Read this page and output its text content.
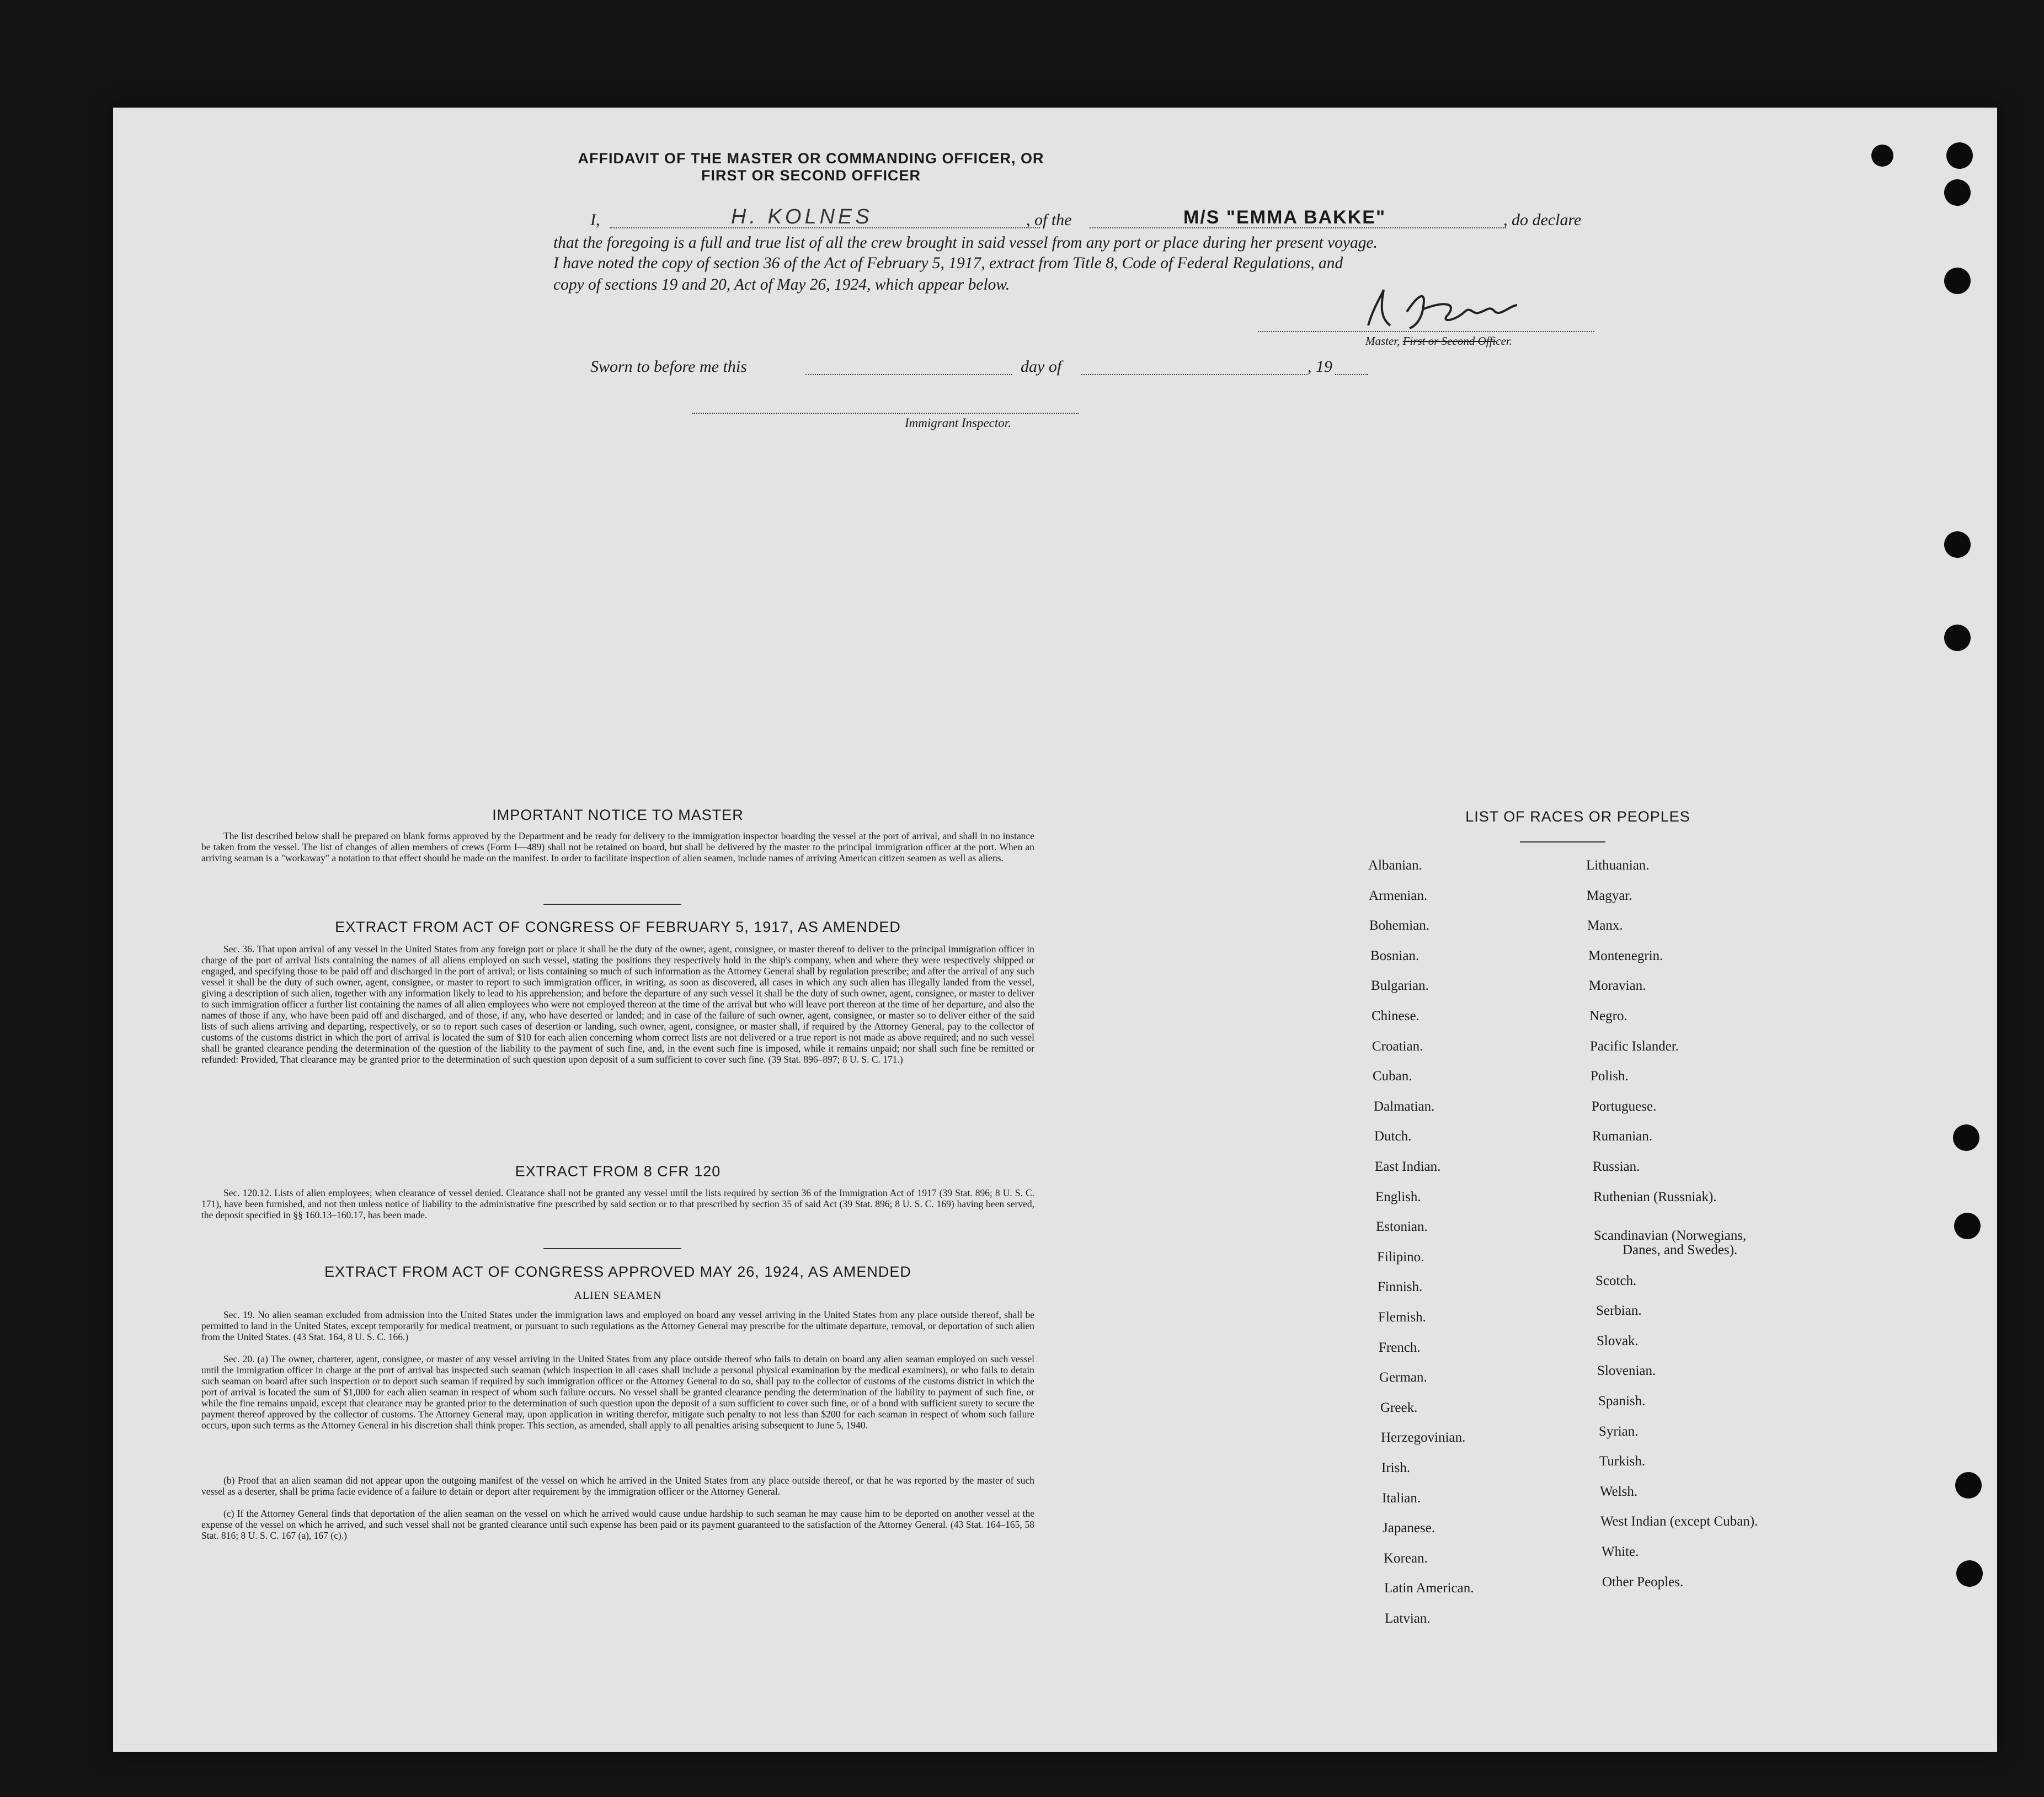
AFFIDAVIT OF THE MASTER OR COMMANDING OFFICER, OR FIRST OR SECOND OFFICER
I,	H. KOLNES	, of the	M/S "EMMA BAKKE"	, do declare
that the foregoing is a full and true list of all the crew brought in said vessel from any port or place during her present voyage.
I have noted the copy of section 36 of the Act of February 5, 1917, extract from Title 8, Code of Federal Regulations, and
copy of sections 19 and 20, Act of May 26, 1924, which appear below.
Master, First or Second Officer.
Sworn to before me this	day of	, 19
Immigrant Inspector.
IMPORTANT NOTICE TO MASTER
The list described below shall be prepared on blank forms approved by the Department and be ready for delivery to the immigration inspector boarding the vessel at the port of arrival, and shall in no instance be taken from the vessel. The list of changes of alien members of crews (Form I—489) shall not be retained on board, but shall be delivered by the master to the principal immigration officer at the port. When an arriving seaman is a "workaway" a notation to that effect should be made on the manifest. In order to facilitate inspection of alien seamen, include names of arriving American citizen seamen as well as aliens.
EXTRACT FROM ACT OF CONGRESS OF FEBRUARY 5, 1917, AS AMENDED
Sec. 36. That upon arrival of any vessel in the United States from any foreign port or place it shall be the duty of the owner, agent, consignee, or master thereof to deliver to the principal immigration officer in charge of the port of arrival lists containing the names of all aliens employed on such vessel, stating the positions they respectively hold in the ship's company, when and where they were respectively shipped or engaged, and specifying those to be paid off and discharged in the port of arrival; or lists containing so much of such information as the Attorney General shall by regulation prescribe; and after the arrival of any such vessel it shall be the duty of such owner, agent, consignee, or master to report to such immigration officer, in writing, as soon as discovered, all cases in which any such alien has illegally landed from the vessel, giving a description of such alien, together with any information likely to lead to his apprehension; and before the departure of any such vessel it shall be the duty of such owner, agent, consignee, or master to deliver to such immigration officer a further list containing the names of all alien employees who were not employed thereon at the time of the arrival but who will leave port thereon at the time of her departure, and also the names of those if any, who have been paid off and discharged, and of those, if any, who have deserted or landed; and in case of the failure of such owner, agent, consignee, or master so to deliver either of the said lists of such aliens arriving and departing, respectively, or so to report such cases of desertion or landing, such owner, agent, consignee, or master shall, if required by the Attorney General, pay to the collector of customs of the customs district in which the port of arrival is located the sum of $10 for each alien concerning whom correct lists are not delivered or a true report is not made as above required; and no such vessel shall be granted clearance pending the determination of the question of the liability to the payment of such fine, and, in the event such fine is imposed, while it remains unpaid; nor shall such fine be remitted or refunded: Provided, That clearance may be granted prior to the determination of such question upon deposit of a sum sufficient to cover such fine. (39 Stat. 896–897; 8 U. S. C. 171.)
EXTRACT FROM 8 CFR 120
Sec. 120.12. Lists of alien employees; when clearance of vessel denied. Clearance shall not be granted any vessel until the lists required by section 36 of the Immigration Act of 1917 (39 Stat. 896; 8 U. S. C. 171), have been furnished, and not then unless notice of liability to the administrative fine prescribed by said section or to that prescribed by section 35 of said Act (39 Stat. 896; 8 U. S. C. 169) having been served, the deposit specified in §§ 160.13–160.17, has been made.
EXTRACT FROM ACT OF CONGRESS APPROVED MAY 26, 1924, AS AMENDED
ALIEN SEAMEN
Sec. 19. No alien seaman excluded from admission into the United States under the immigration laws and employed on board any vessel arriving in the United States from any place outside thereof, shall be permitted to land in the United States, except temporarily for medical treatment, or pursuant to such regulations as the Attorney General may prescribe for the ultimate departure, removal, or deportation of such alien from the United States. (43 Stat. 164, 8 U. S. C. 166.)
Sec. 20. (a) The owner, charterer, agent, consignee, or master of any vessel arriving in the United States from any place outside thereof who fails to detain on board any alien seaman employed on such vessel until the immigration officer in charge at the port of arrival has inspected such seaman (which inspection in all cases shall include a personal physical examination by the medical examiners), or who fails to detain such seaman on board after such inspection or to deport such seaman if required by such immigration officer or the Attorney General to do so, shall pay to the collector of customs of the customs district in which the port of arrival is located the sum of $1,000 for each alien seaman in respect of whom such failure occurs. No vessel shall be granted clearance pending the determination of the liability to payment of such fine, or while the fine remains unpaid, except that clearance may be granted prior to the determination of such question upon the deposit of a sum sufficient to cover such fine, or of a bond with sufficient surety to secure the payment thereof approved by the collector of customs. The Attorney General may, upon application in writing therefor, mitigate such penalty to not less than $200 for each seaman in respect of whom such failure occurs, upon such terms as the Attorney General in his discretion shall think proper. This section, as amended, shall apply to all penalties arising subsequent to June 5, 1940.
(b) Proof that an alien seaman did not appear upon the outgoing manifest of the vessel on which he arrived in the United States from any place outside thereof, or that he was reported by the master of such vessel as a deserter, shall be prima facie evidence of a failure to detain or deport after requirement by the immigration officer or the Attorney General.
(c) If the Attorney General finds that deportation of the alien seaman on the vessel on which he arrived would cause undue hardship to such seaman he may cause him to be deported on another vessel at the expense of the vessel on which he arrived, and such vessel shall not be granted clearance until such expense has been paid or its payment guaranteed to the satisfaction of the Attorney General. (43 Stat. 164–165, 58 Stat. 816; 8 U. S. C. 167 (a), 167 (c).)
LIST OF RACES OR PEOPLES
Albanian.
Armenian.
Bohemian.
Bosnian.
Bulgarian.
Chinese.
Croatian.
Cuban.
Dalmatian.
Dutch.
East Indian.
English.
Estonian.
Filipino.
Finnish.
Flemish.
French.
German.
Greek.
Herzegovinian.
Irish.
Italian.
Japanese.
Korean.
Latin American.
Latvian.
Lithuanian.
Magyar.
Manx.
Montenegrin.
Moravian.
Negro.
Pacific Islander.
Polish.
Portuguese.
Rumanian.
Russian.
Ruthenian (Russniak).
Scandinavian (Norwegians,
Danes, and Swedes).
Scotch.
Serbian.
Slovak.
Slovenian.
Spanish.
Syrian.
Turkish.
Welsh.
West Indian (except Cuban).
White.
Other Peoples.
